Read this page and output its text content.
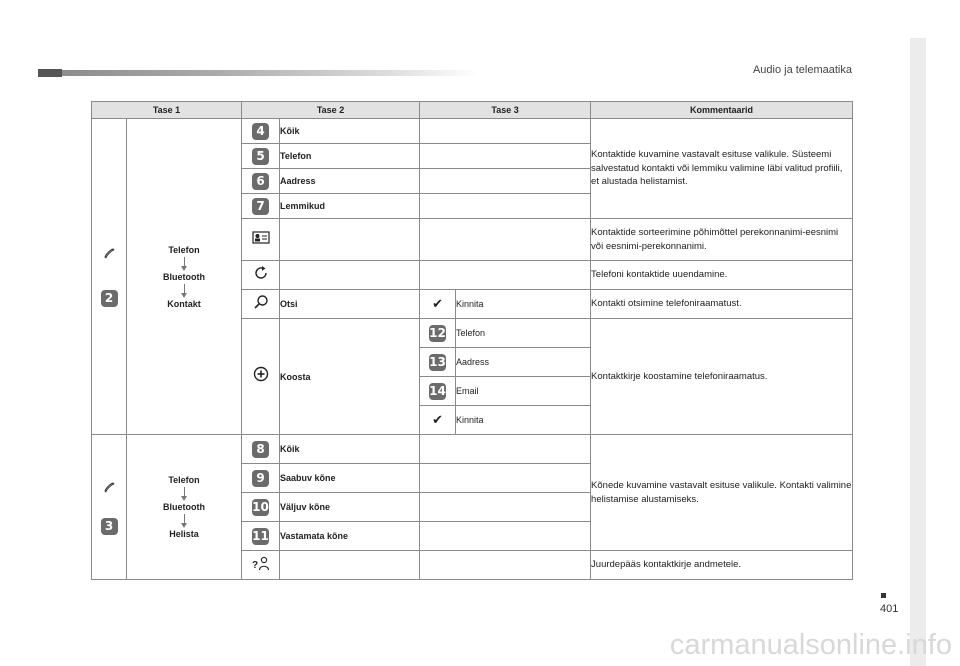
Audio ja telemaatika
401
carmanualsonline.info
Tase 1		Tase 2		Tase 3		Kommentaarid

2	Telefon
Bluetooth
Kontakt	4	Kõik			Kontaktide kuvamine vastavalt esituse valikule. Süsteemi salvestatud kontakti või lemmiku valimine läbi valitud profiili, et alustada helistamist.
		5	Telefon			
		6	Aadress			
		7	Lemmikud			
			Kontaktide sorteerimine põhimõttel perekonnanimi-eesnimi või eesnimi-perekonnanimi.
			Telefoni kontaktide uuendamine.
	Otsi	✔	Kinnita	Kontakti otsimine telefoniraamatust.
	Koosta	12	Telefon	Kontaktkirje koostamine telefoniraamatus.
				13	Aadress	
				14	Email	
				✔	Kinnita	

3	Telefon
Bluetooth
Helista	8	Kõik			Kõnede kuvamine vastavalt esituse valikule. Kontakti valimine helistamise alustamiseks.
		9	Saabuv kõne			
		10	Väljuv kõne			
		11	Vastamata kõne			

?				Juurdepääs kontaktkirje andmetele.
